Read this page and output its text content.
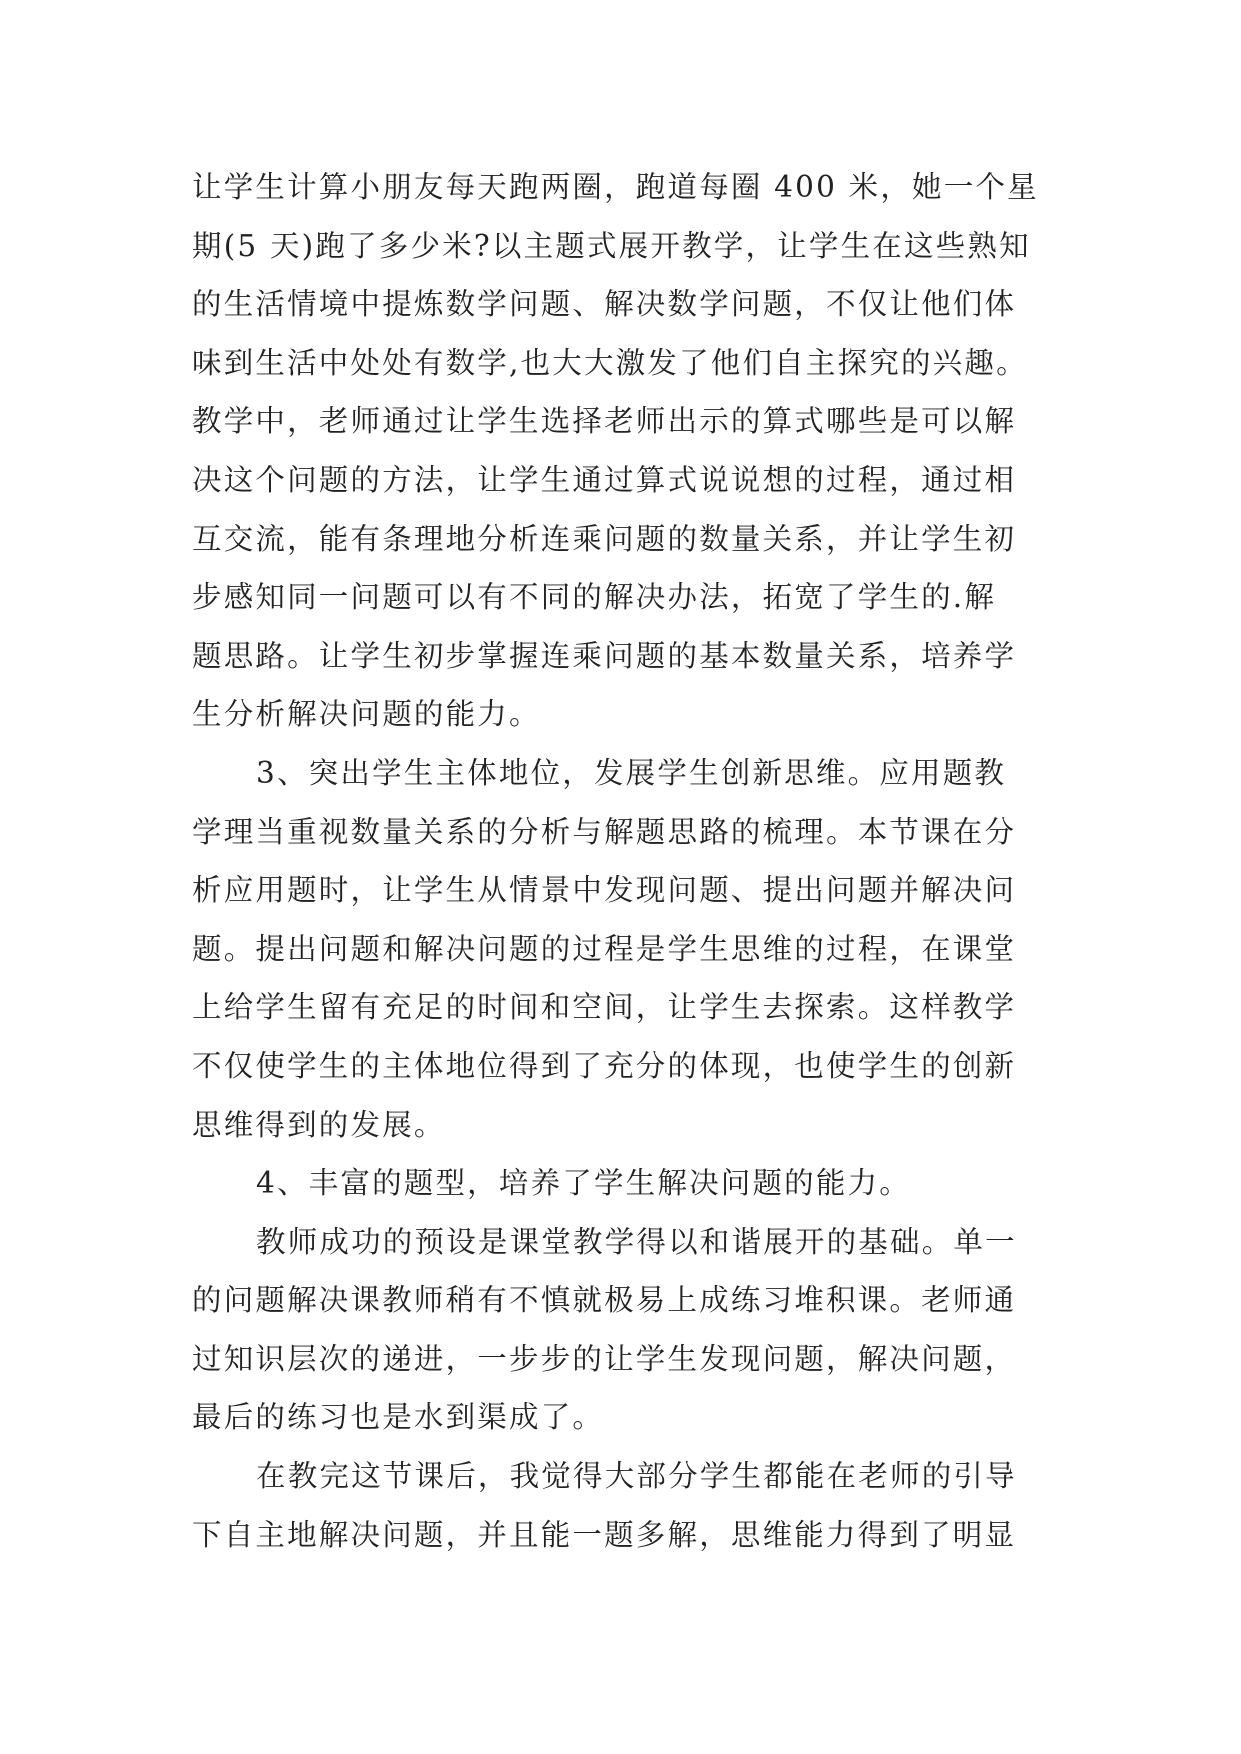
让学生计算小朋友每天跑两圈，跑道每圈 400 米，她一个星
期(5 天)跑了多少米?以主题式展开教学，让学生在这些熟知
的生活情境中提炼数学问题、解决数学问题，不仅让他们体
味到生活中处处有数学,也大大激发了他们自主探究的兴趣。
教学中，老师通过让学生选择老师出示的算式哪些是可以解
决这个问题的方法，让学生通过算式说说想的过程，通过相
互交流，能有条理地分析连乘问题的数量关系，并让学生初
步感知同一问题可以有不同的解决办法，拓宽了学生的.解
题思路。让学生初步掌握连乘问题的基本数量关系，培养学
生分析解决问题的能力。
3、突出学生主体地位，发展学生创新思维。应用题教
学理当重视数量关系的分析与解题思路的梳理。本节课在分
析应用题时，让学生从情景中发现问题、提出问题并解决问
题。提出问题和解决问题的过程是学生思维的过程，在课堂
上给学生留有充足的时间和空间，让学生去探索。这样教学
不仅使学生的主体地位得到了充分的体现，也使学生的创新
思维得到的发展。
4、丰富的题型，培养了学生解决问题的能力。
教师成功的预设是课堂教学得以和谐展开的基础。单一
的问题解决课教师稍有不慎就极易上成练习堆积课。老师通
过知识层次的递进，一步步的让学生发现问题，解决问题，
最后的练习也是水到渠成了。
在教完这节课后，我觉得大部分学生都能在老师的引导
下自主地解决问题，并且能一题多解，思维能力得到了明显
